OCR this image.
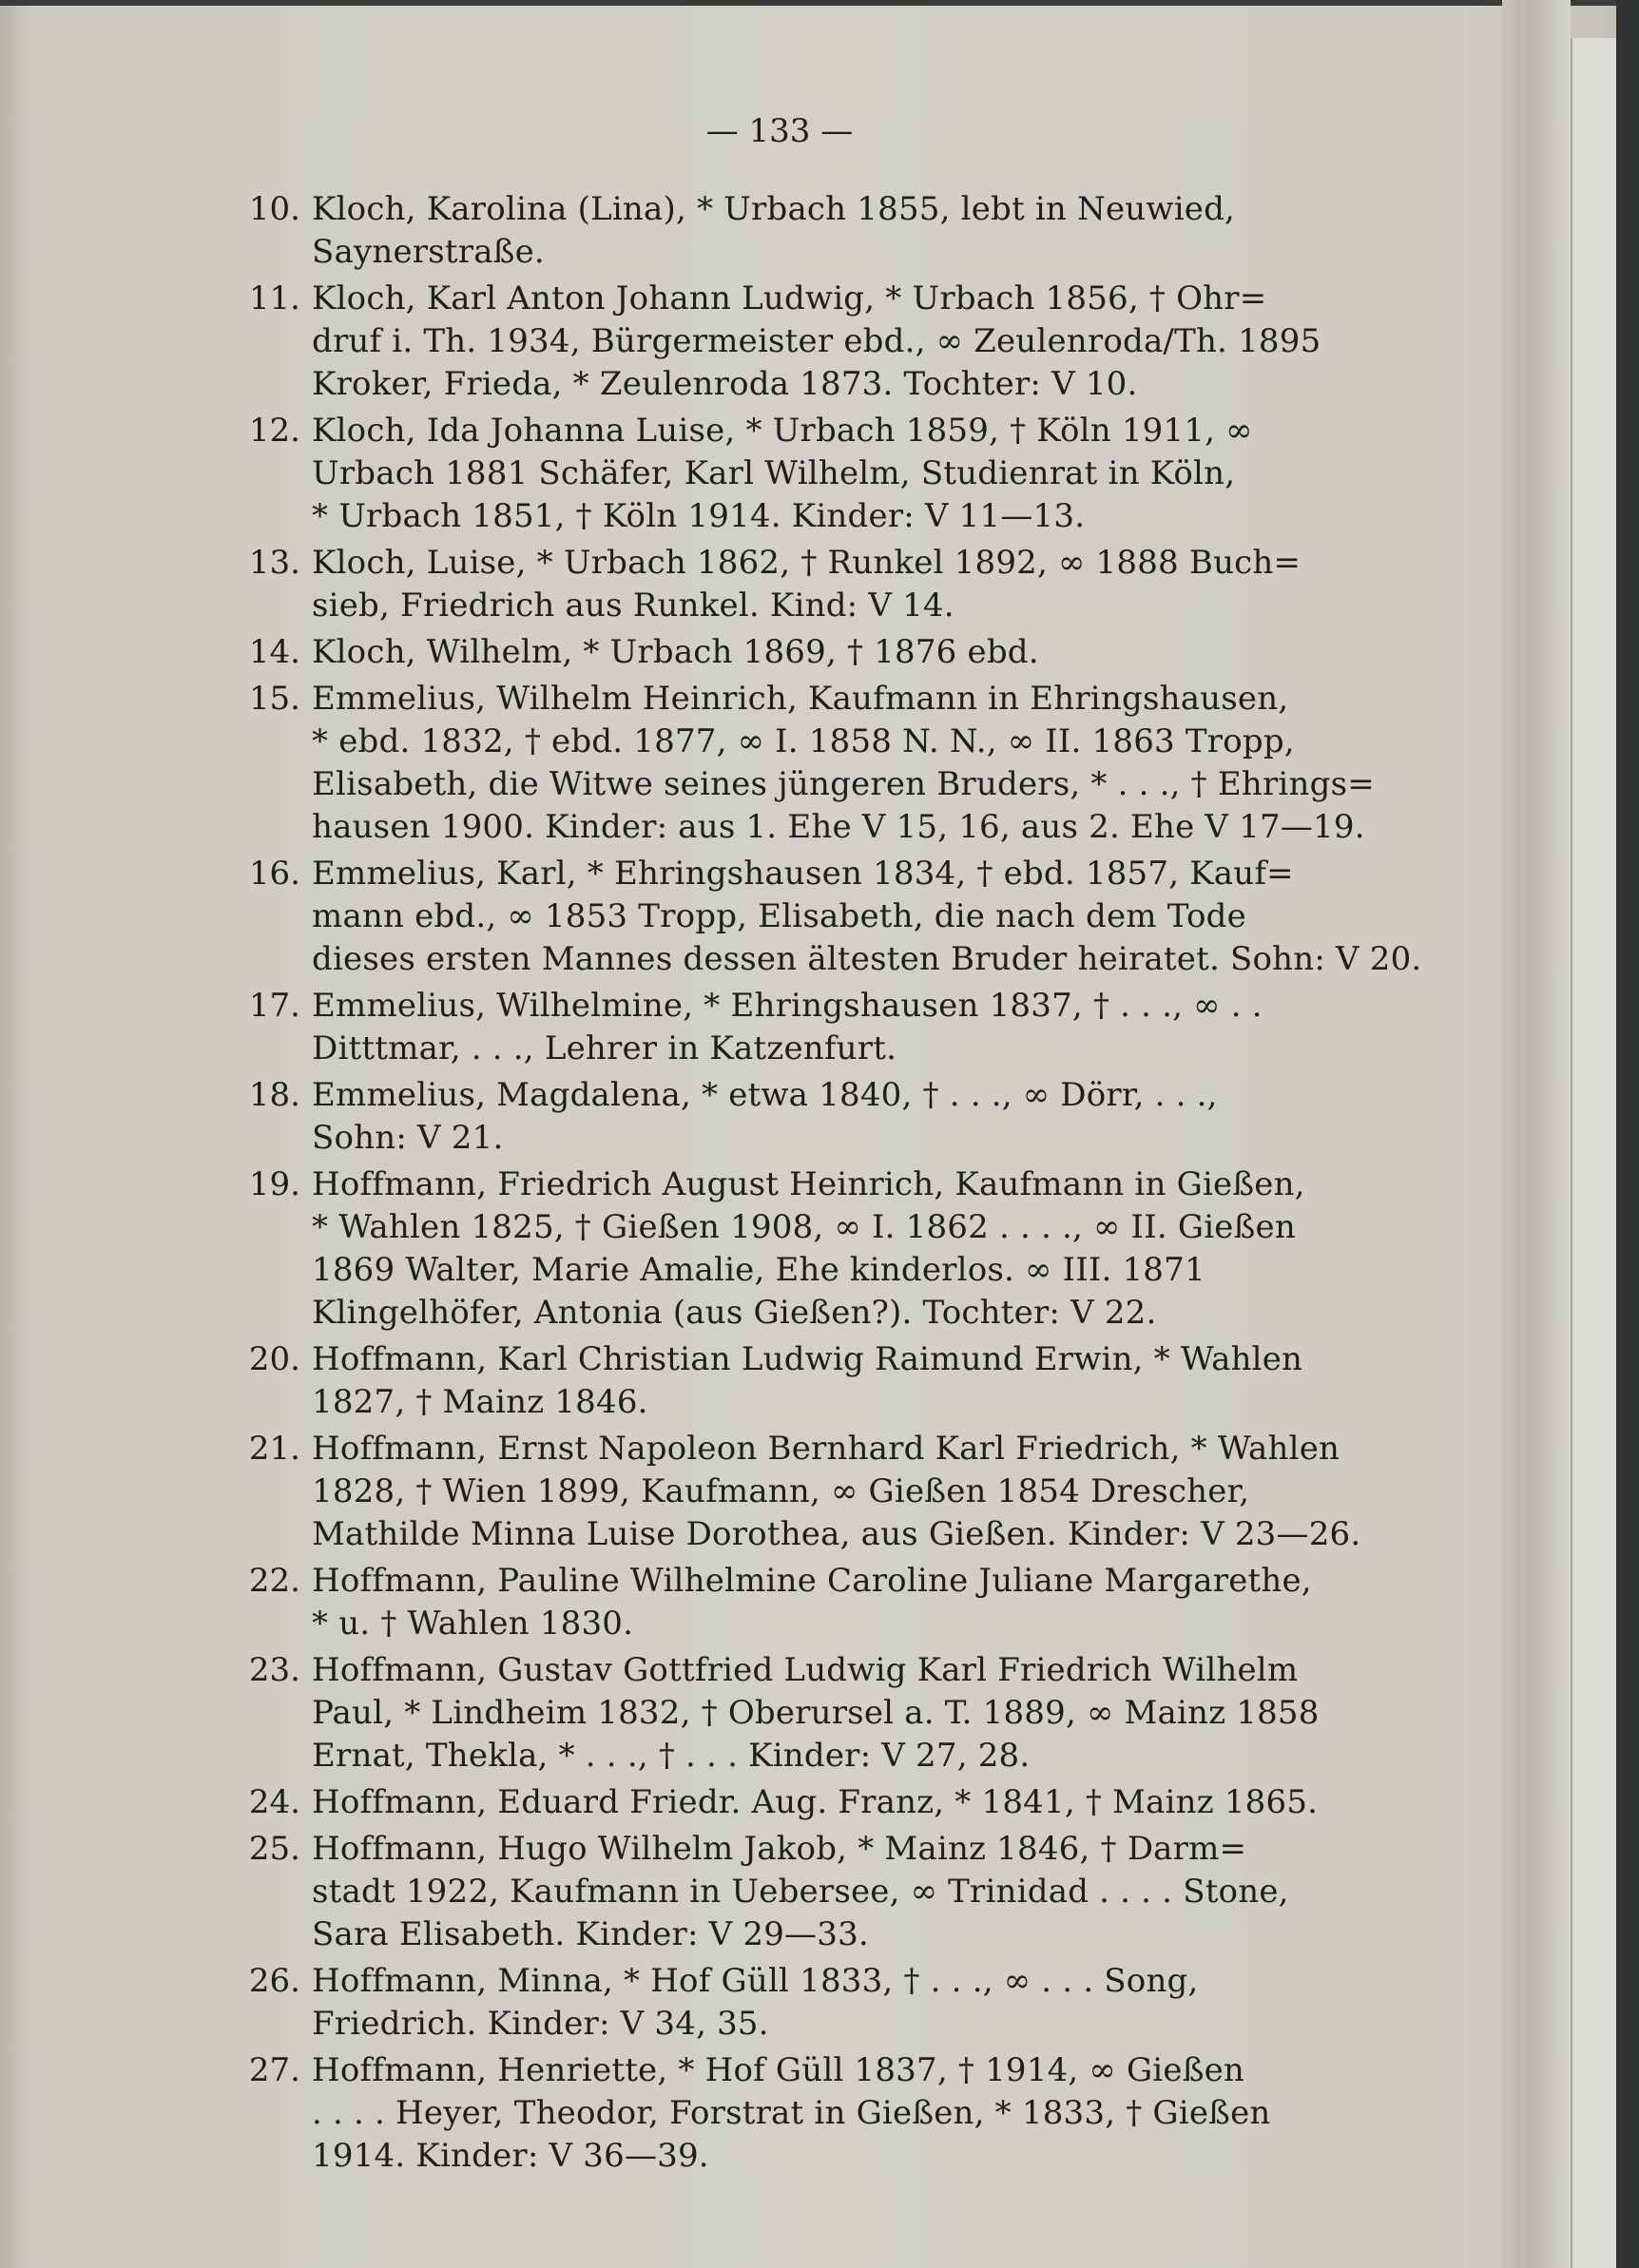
— 133 —
10. Kloch, Karolina (Lina), * Urbach 1855, lebt in Neuwied,
Saynerstraße.
11. Kloch, Karl Anton Johann Ludwig, * Urbach 1856, † Ohr=
druf i. Th. 1934, Bürgermeister ebd., ∞ Zeulenroda/Th. 1895
Kroker, Frieda, * Zeulenroda 1873. Tochter: V 10.
12. Kloch, Ida Johanna Luise, * Urbach 1859, † Köln 1911, ∞
Urbach 1881 Schäfer, Karl Wilhelm, Studienrat in Köln,
* Urbach 1851, † Köln 1914. Kinder: V 11—13.
13. Kloch, Luise, * Urbach 1862, † Runkel 1892, ∞ 1888 Buch=
sieb, Friedrich aus Runkel. Kind: V 14.
14. Kloch, Wilhelm, * Urbach 1869, † 1876 ebd.
15. Emmelius, Wilhelm Heinrich, Kaufmann in Ehringshausen,
* ebd. 1832, † ebd. 1877, ∞ I. 1858 N. N., ∞ II. 1863 Tropp,
Elisabeth, die Witwe seines jüngeren Bruders, * . . ., † Ehrings=
hausen 1900. Kinder: aus 1. Ehe V 15, 16, aus 2. Ehe V 17—19.
16. Emmelius, Karl, * Ehringshausen 1834, † ebd. 1857, Kauf=
mann ebd., ∞ 1853 Tropp, Elisabeth, die nach dem Tode
dieses ersten Mannes dessen ältesten Bruder heiratet. Sohn: V 20.
17. Emmelius, Wilhelmine, * Ehringshausen 1837, † . . ., ∞ . .
Ditttmar, . . ., Lehrer in Katzenfurt.
18. Emmelius, Magdalena, * etwa 1840, † . . ., ∞ Dörr, . . .,
Sohn: V 21.
19. Hoffmann, Friedrich August Heinrich, Kaufmann in Gießen,
* Wahlen 1825, † Gießen 1908, ∞ I. 1862 . . . ., ∞ II. Gießen
1869 Walter, Marie Amalie, Ehe kinderlos. ∞ III. 1871
Klingelhöfer, Antonia (aus Gießen?). Tochter: V 22.
20. Hoffmann, Karl Christian Ludwig Raimund Erwin, * Wahlen
1827, † Mainz 1846.
21. Hoffmann, Ernst Napoleon Bernhard Karl Friedrich, * Wahlen
1828, † Wien 1899, Kaufmann, ∞ Gießen 1854 Drescher,
Mathilde Minna Luise Dorothea, aus Gießen. Kinder: V 23—26.
22. Hoffmann, Pauline Wilhelmine Caroline Juliane Margarethe,
* u. † Wahlen 1830.
23. Hoffmann, Gustav Gottfried Ludwig Karl Friedrich Wilhelm
Paul, * Lindheim 1832, † Oberursel a. T. 1889, ∞ Mainz 1858
Ernat, Thekla, * . . ., † . . . Kinder: V 27, 28.
24. Hoffmann, Eduard Friedr. Aug. Franz, * 1841, † Mainz 1865.
25. Hoffmann, Hugo Wilhelm Jakob, * Mainz 1846, † Darm=
stadt 1922, Kaufmann in Uebersee, ∞ Trinidad . . . . Stone,
Sara Elisabeth. Kinder: V 29—33.
26. Hoffmann, Minna, * Hof Güll 1833, † . . ., ∞ . . . Song,
Friedrich. Kinder: V 34, 35.
27. Hoffmann, Henriette, * Hof Güll 1837, † 1914, ∞ Gießen
. . . . Heyer, Theodor, Forstrat in Gießen, * 1833, † Gießen
1914. Kinder: V 36—39.
